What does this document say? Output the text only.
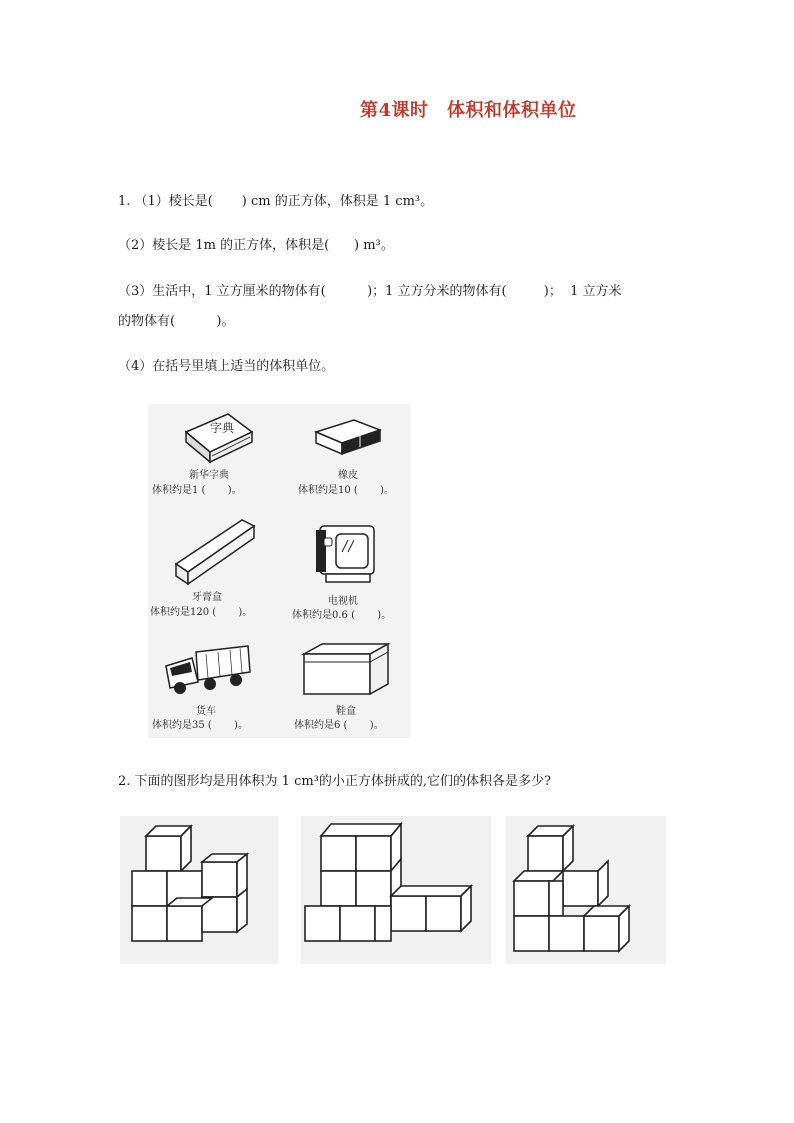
第4课时　体积和体积单位
1. （1）棱长是(       ) cm 的正方体，体积是 1 cm³。
（2）棱长是 1m 的正方体，体积是(      ) m³。
（3）生活中，1 立方厘米的物体有(          )；1 立方分米的物体有(         )；  1 立方米
的物体有(          )。
（4）在括号里填上适当的体积单位。
字典
新华字典
体积约是1 (       )。
橡皮
体积约是10 (       )。
牙膏盒
体积约是120 (       )。
电视机
体积约是0.6 (       )。
货车
体积约是35 (       )。
鞋盒
体积约是6 (       )。
2. 下面的图形均是用体积为 1 cm³的小正方体拼成的,它们的体积各是多少?
